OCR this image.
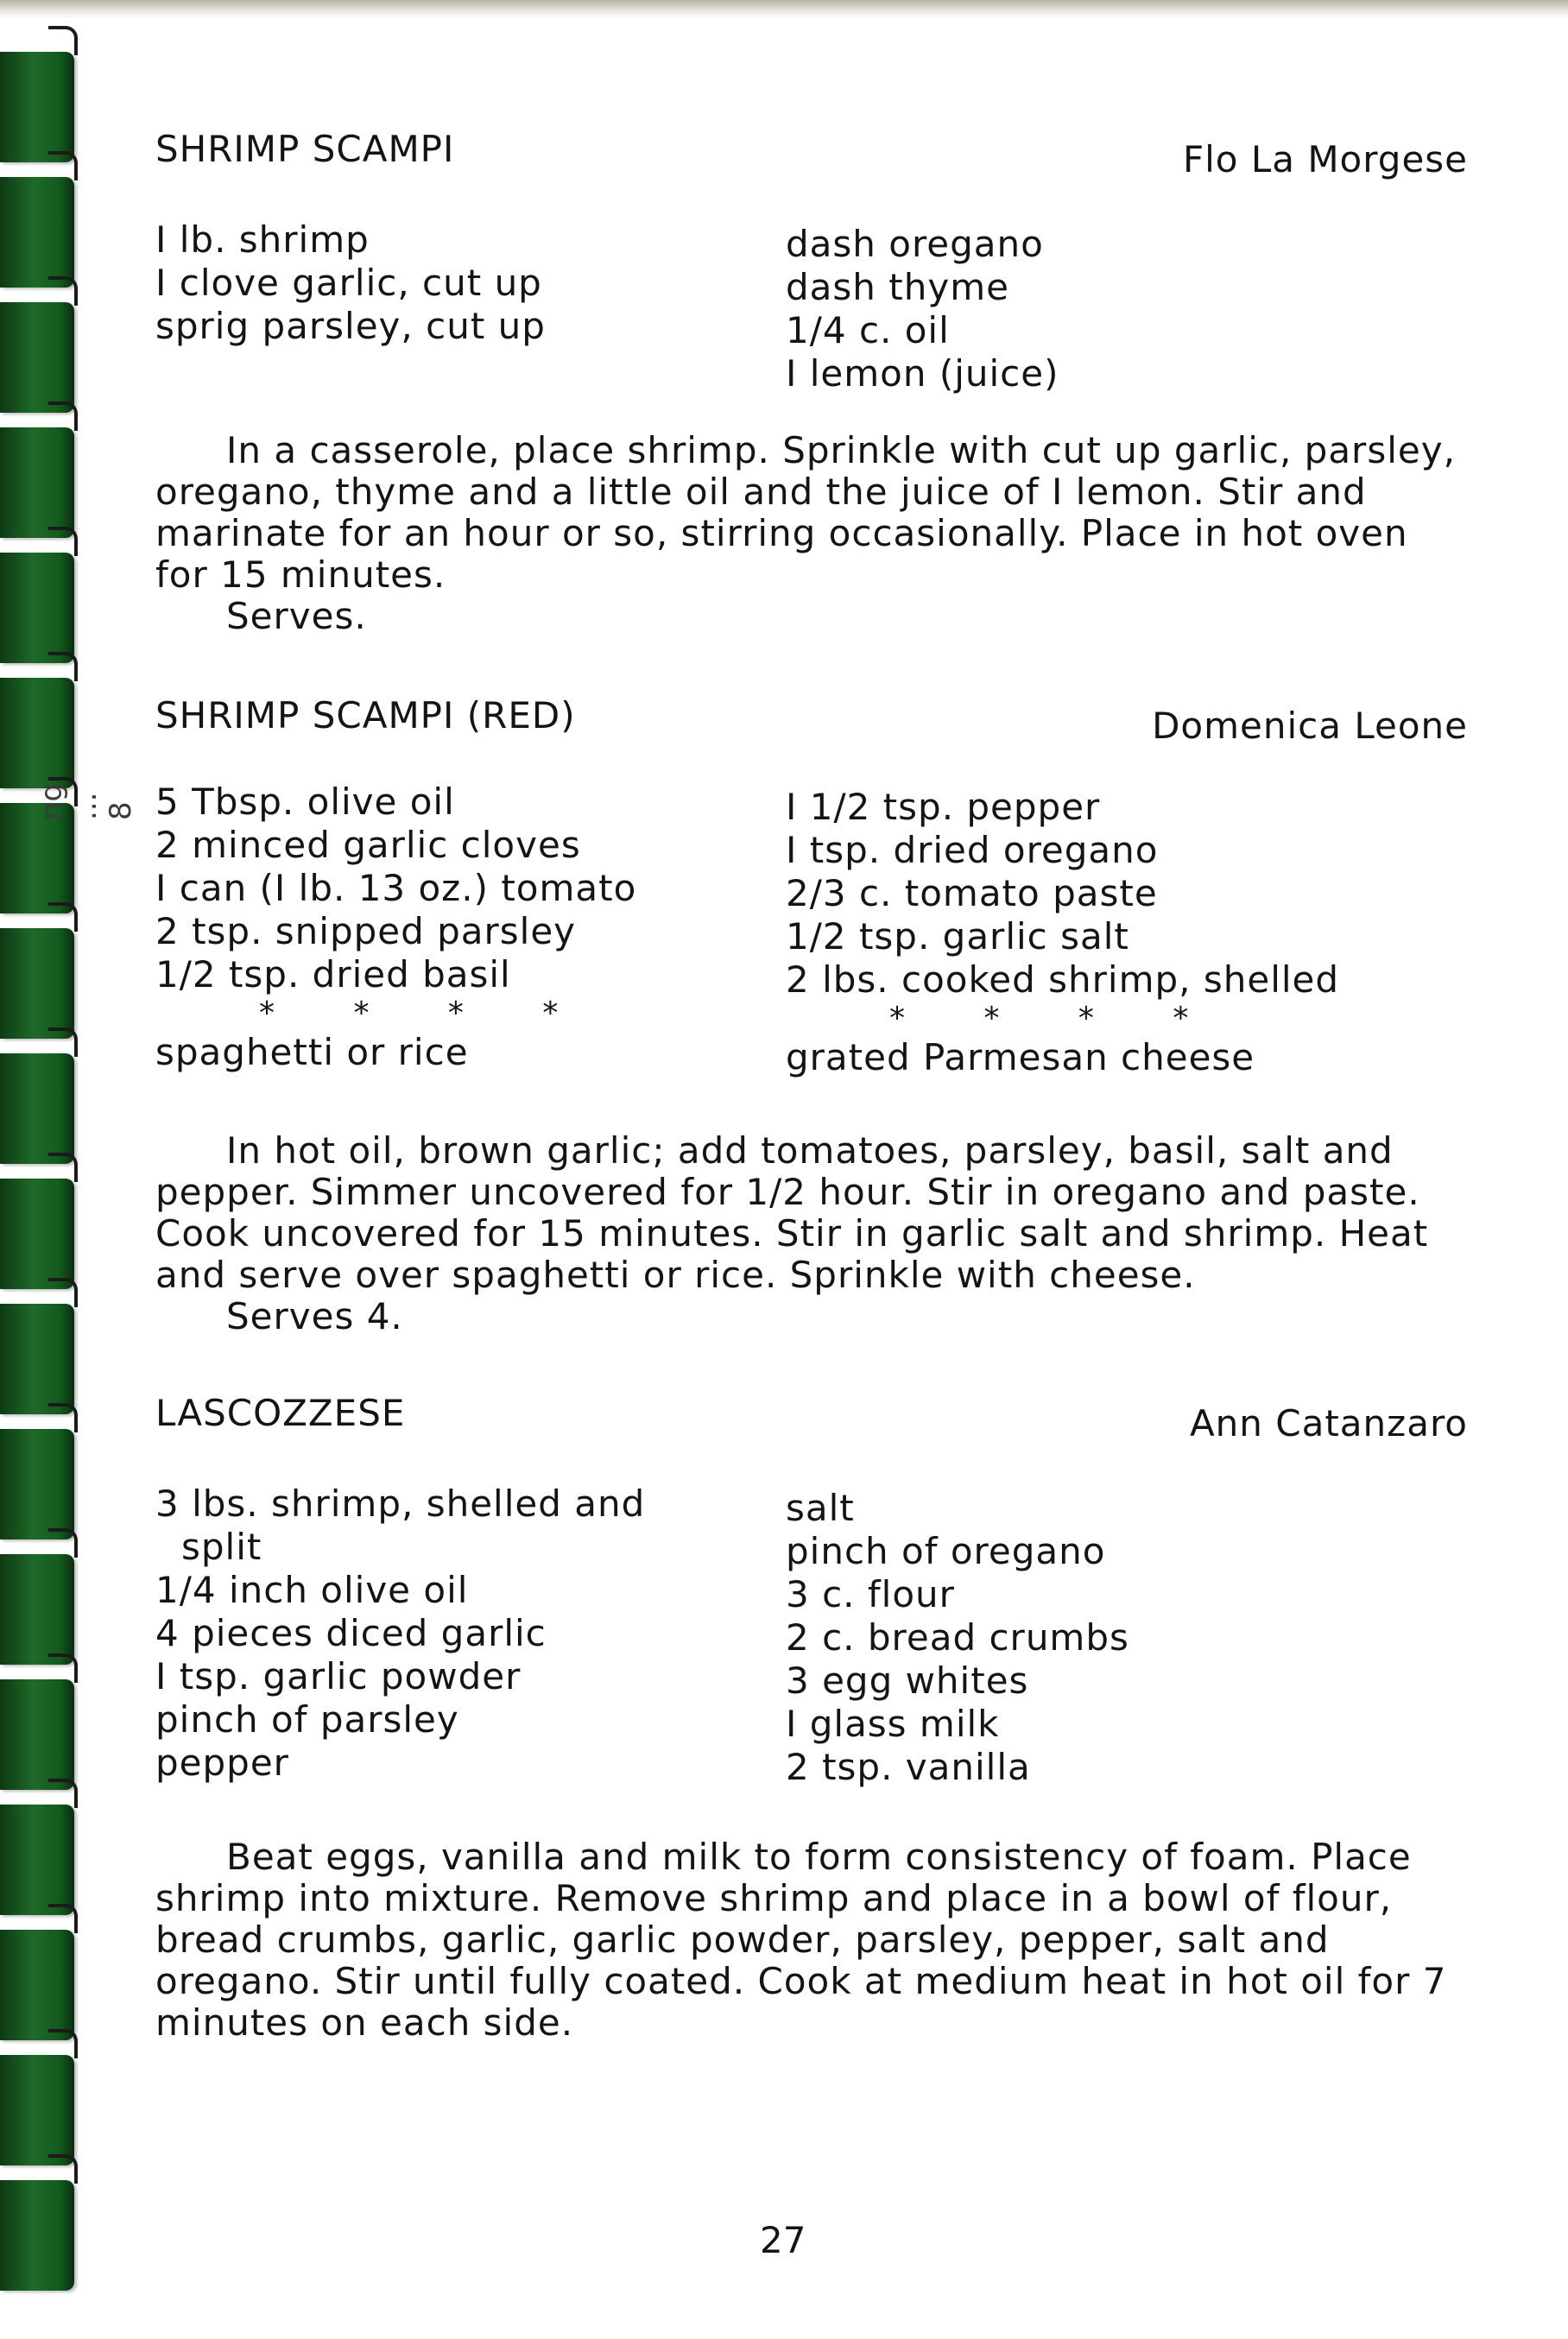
ng ... 8
SHRIMP SCAMPI	Flo La Morgese
I lb. shrimp
I clove garlic, cut up
sprig parsley, cut up
dash oregano
dash thyme
1/4 c. oil
I lemon (juice)

In a casserole, place shrimp. Sprinkle with cut up garlic, parsley, oregano, thyme and a little oil and the juice of I lemon. Stir and marinate for an hour or so, stirring occasionally. Place in hot oven for 15 minutes.

Serves.
SHRIMP SCAMPI (RED)	Domenica Leone
5 Tbsp. olive oil
2 minced garlic cloves
I can (I lb. 13 oz.) tomato
2 tsp. snipped parsley
1/2 tsp. dried basil
* * * *
spaghetti or rice
I 1/2 tsp. pepper
I tsp. dried oregano
2/3 c. tomato paste
1/2 tsp. garlic salt
2 lbs. cooked shrimp, shelled
* * * *
grated Parmesan cheese

In hot oil, brown garlic; add tomatoes, parsley, basil, salt and pepper. Simmer uncovered for 1/2 hour. Stir in oregano and paste. Cook uncovered for 15 minutes. Stir in garlic salt and shrimp. Heat and serve over spaghetti or rice. Sprinkle with cheese.

Serves 4.
LASCOZZESE	Ann Catanzaro
3 lbs. shrimp, shelled and
split
1/4 inch olive oil
4 pieces diced garlic
I tsp. garlic powder
pinch of parsley
pepper
salt
pinch of oregano
3 c. flour
2 c. bread crumbs
3 egg whites
I glass milk
2 tsp. vanilla

Beat eggs, vanilla and milk to form consistency of foam. Place shrimp into mixture. Remove shrimp and place in a bowl of flour, bread crumbs, garlic, garlic powder, parsley, pepper, salt and oregano. Stir until fully coated. Cook at medium heat in hot oil for 7 minutes on each side.

27
